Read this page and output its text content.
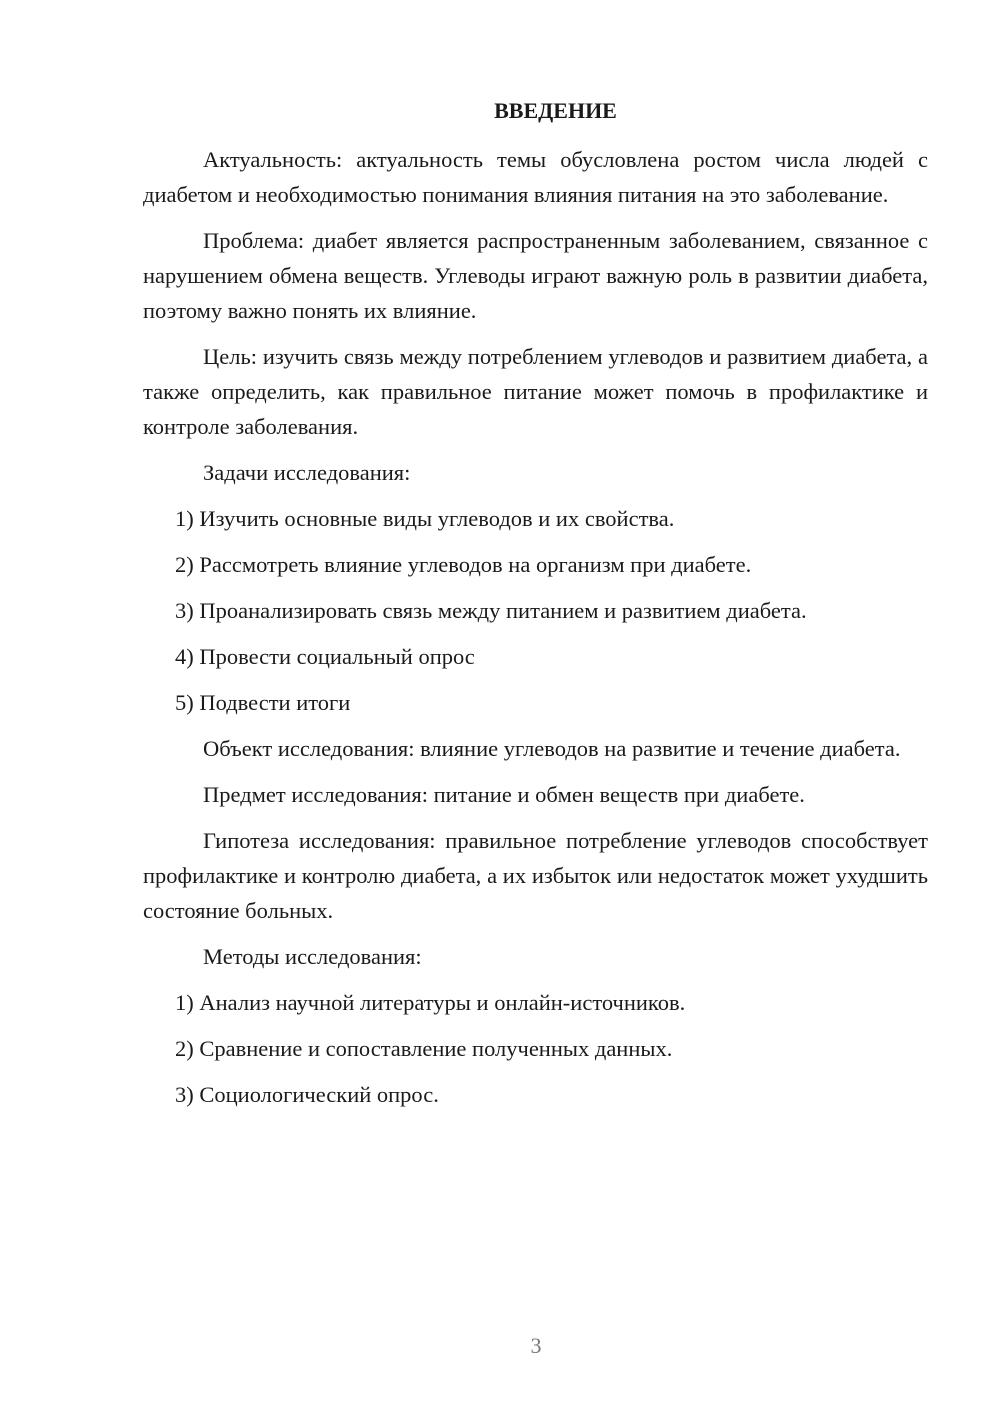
ВВЕДЕНИЕ

Актуальность: актуальность темы обусловлена ростом числа людей с диабетом и необходимостью понимания влияния питания на это заболевание.

Проблема: диабет является распространенным заболеванием, связанное с нарушением обмена веществ. Углеводы играют важную роль в развитии диабета, поэтому важно понять их влияние.

Цель: изучить связь между потреблением углеводов и развитием диабета, а также определить, как правильное питание может помочь в профилактике и контроле заболевания.

Задачи исследования:

1) Изучить основные виды углеводов и их свойства.
2) Рассмотреть влияние углеводов на организм при диабете.
3) Проанализировать связь между питанием и развитием диабета.
4) Провести социальный опрос
5) Подвести итоги

Объект исследования: влияние углеводов на развитие и течение диабета.

Предмет исследования: питание и обмен веществ при диабете.

Гипотеза исследования: правильное потребление углеводов способствует профилактике и контролю диабета, а их избыток или недостаток может ухудшить состояние больных.

Методы исследования:

1) Анализ научной литературы и онлайн-источников.
2) Сравнение и сопоставление полученных данных.
3) Социологический опрос.
3
